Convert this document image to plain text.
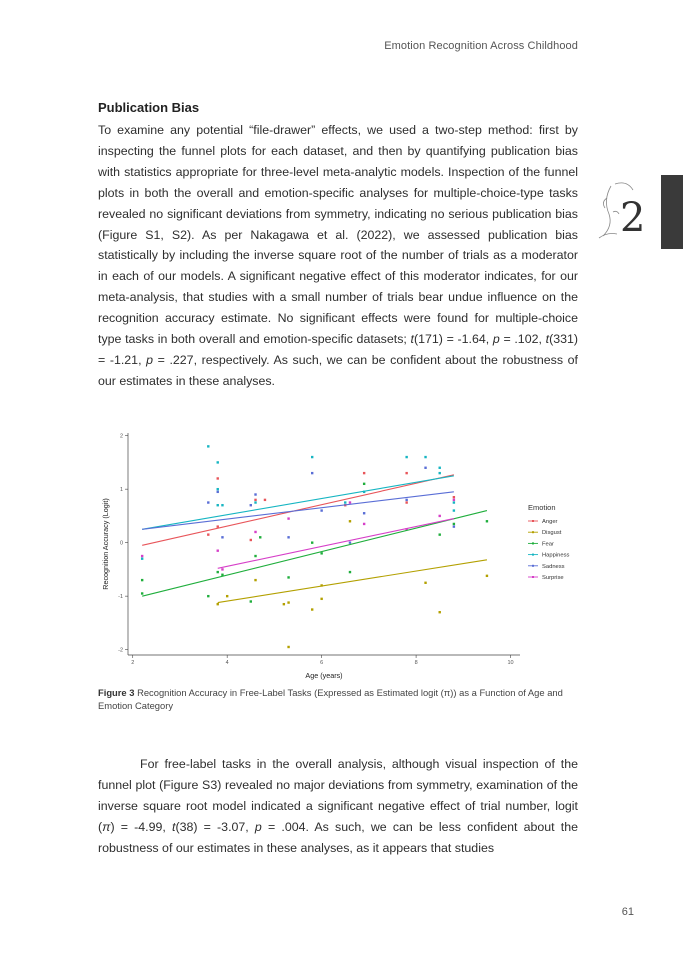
Emotion Recognition Across Childhood
2
Publication Bias

To examine any potential “file-drawer” effects, we used a two-step method: first by inspecting the funnel plots for each dataset, and then by quantifying publication bias with statistics appropriate for three-level meta-analytic models. Inspection of the funnel plots in both the overall and emotion-specific analyses for multiple-choice-type tasks revealed no significant deviations from symmetry, indicating no serious publication bias (Figure S1, S2). As per Nakagawa et al. (2022), we assessed publication bias statistically by including the inverse square root of the number of trials as a moderator in each of our models. A significant negative effect of this moderator indicates, for our meta-analysis, that studies with a small number of trials bear undue influence on the recognition accuracy estimate. No significant effects were found for multiple-choice type tasks in both overall and emotion-specific datasets; t(171) = -1.64, p = .102, t(331) = -1.21, p = .227, respectively. As such, we can be confident about the robustness of our estimates in these analyses.

-2
-1
0
1
2
2	4	6	8	10
Age (years)
Recognition Accuracy (Logit)	Emotion
Anger
Disgust
Fear
Happiness
Sadness
Surprise
Figure 3 Recognition Accuracy in Free-Label Tasks (Expressed as Estimated logit (π)) as a Function of Age and Emotion Category

For free-label tasks in the overall analysis, although visual inspection of the funnel plot (Figure S3) revealed no major deviations from symmetry, examination of the inverse square root model indicated a significant negative effect of trial number, logit (π) = -4.99, t(38) = -3.07, p = .004. As such, we can be less confident about the robustness of our estimates in these analyses, as it appears that studies

61
